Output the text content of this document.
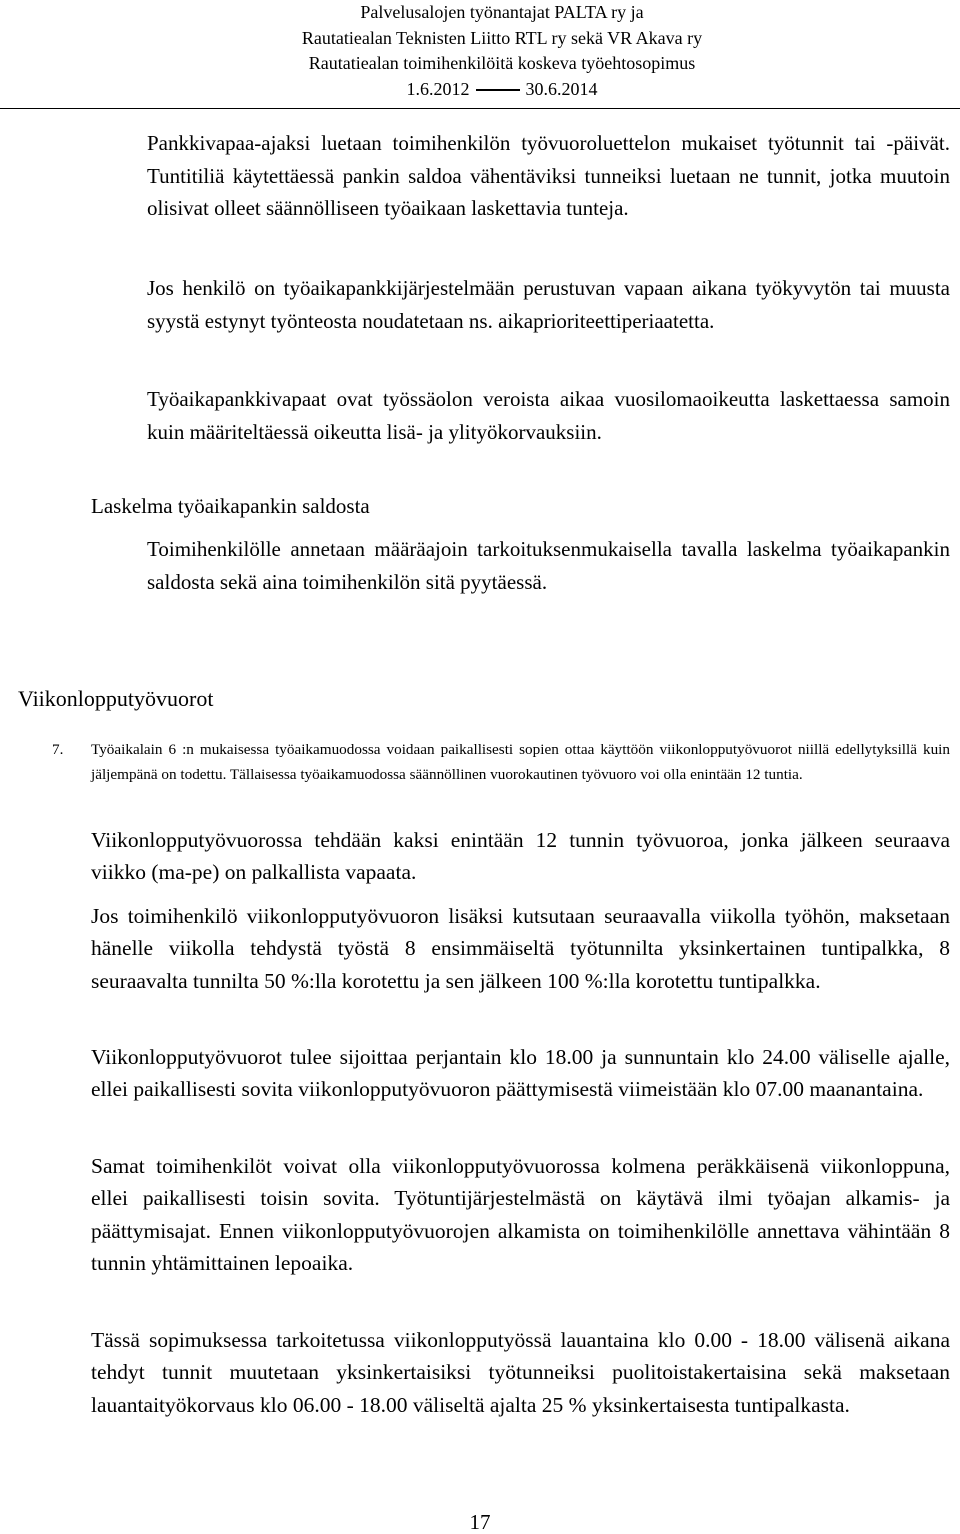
Palvelusalojen työnantajat PALTA ry ja
Rautatiealan Teknisten Liitto RTL ry sekä VR Akava ry
Rautatiealan toimihenkilöitä koskeva työehtosopimus
1.6.2012	30.6.2014

Pankkivapaa-ajaksi luetaan toimihenkilön työvuoroluettelon mukaiset työtunnit tai -päivät. Tuntitiliä käytettäessä pankin saldoa vähentäviksi tunneiksi luetaan ne tunnit, jotka muutoin olisivat olleet säännölliseen työaikaan laskettavia tunteja.

Jos henkilö on työaikapankkijärjestelmään perustuvan vapaan aikana työkyvytön tai muusta syystä estynyt työnteosta noudatetaan ns. aikaprioriteettiperiaatetta.

Työaikapankkivapaat ovat työssäolon veroista aikaa vuosilomaoikeutta laskettaessa samoin kuin määriteltäessä oikeutta lisä- ja ylityökorvauksiin.

Laskelma työaikapankin saldosta

Toimihenkilölle annetaan määräajoin tarkoituksenmukaisella tavalla laskelma työaikapankin saldosta sekä aina toimihenkilön sitä pyytäessä.

Viikonlopputyövuorot
7. Työaikalain 6 :n mukaisessa työaikamuodossa voidaan paikallisesti sopien ottaa käyttöön viikonlopputyövuorot niillä edellytyksillä kuin jäljempänä on todettu. Tällaisessa työaikamuodossa säännöllinen vuorokautinen työvuoro voi olla enintään 12 tuntia.

Viikonlopputyövuorossa tehdään kaksi enintään 12 tunnin työvuoroa, jonka jälkeen seuraava viikko (ma-pe) on palkallista vapaata.

Jos toimihenkilö viikonlopputyövuoron lisäksi kutsutaan seuraavalla viikolla työhön, maksetaan hänelle viikolla tehdystä työstä 8 ensimmäiseltä työtunnilta yksinkertainen tuntipalkka, 8 seuraavalta tunnilta 50 %:lla korotettu ja sen jälkeen 100 %:lla korotettu tuntipalkka.

Viikonlopputyövuorot tulee sijoittaa perjantain klo 18.00 ja sunnuntain klo 24.00 väliselle ajalle, ellei paikallisesti sovita viikonlopputyövuoron päättymisestä viimeistään klo 07.00 maanantaina.

Samat toimihenkilöt voivat olla viikonlopputyövuorossa kolmena peräkkäisenä viikonloppuna, ellei paikallisesti toisin sovita. Työtuntijärjestelmästä on käytävä ilmi työajan alkamis- ja päättymisajat. Ennen viikonlopputyövuorojen alkamista on toimihenkilölle annettava vähintään 8 tunnin yhtämittainen lepoaika.

Tässä sopimuksessa tarkoitetussa viikonlopputyössä lauantaina klo 0.00 - 18.00 välisenä aikana tehdyt tunnit muutetaan yksinkertaisiksi työtunneiksi puolitoistakertaisina sekä maksetaan lauantaityökorvaus klo 06.00 - 18.00 väliseltä ajalta 25 % yksinkertaisesta tuntipalkasta.

17
